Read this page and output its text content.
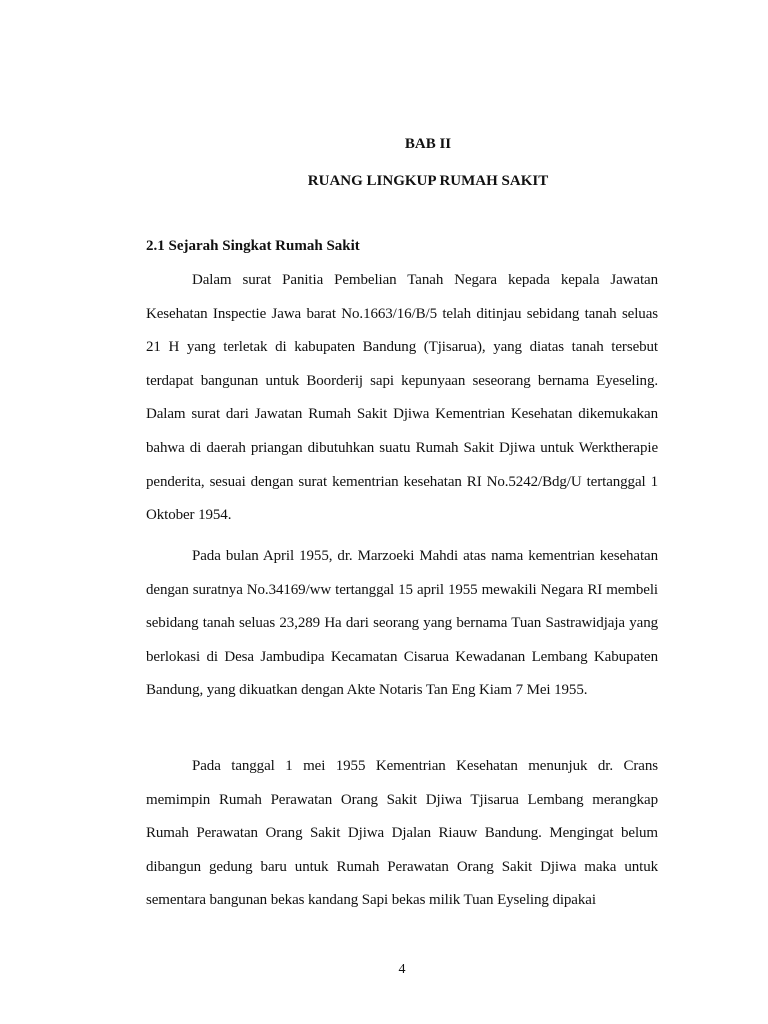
BAB II
RUANG LINGKUP RUMAH SAKIT
2.1 Sejarah Singkat Rumah Sakit

Dalam surat Panitia Pembelian Tanah Negara kepada kepala Jawatan Kesehatan Inspectie Jawa barat No.1663/16/B/5 telah ditinjau sebidang tanah seluas 21 H yang terletak di kabupaten Bandung (Tjisarua), yang diatas tanah tersebut terdapat bangunan untuk Boorderij sapi kepunyaan seseorang bernama Eyeseling. Dalam surat dari Jawatan Rumah Sakit Djiwa Kementrian Kesehatan dikemukakan bahwa di daerah priangan dibutuhkan suatu Rumah Sakit Djiwa untuk Werktherapie penderita, sesuai dengan surat kementrian kesehatan RI No.5242/Bdg/U tertanggal 1 Oktober 1954.

Pada bulan April 1955, dr. Marzoeki Mahdi atas nama kementrian kesehatan dengan suratnya No.34169/ww tertanggal 15 april 1955 mewakili Negara RI membeli sebidang tanah seluas 23,289 Ha dari seorang yang bernama Tuan Sastrawidjaja yang berlokasi di Desa Jambudipa Kecamatan Cisarua Kewadanan Lembang Kabupaten Bandung, yang dikuatkan dengan Akte Notaris Tan Eng Kiam 7 Mei 1955.

Pada tanggal 1 mei 1955 Kementrian Kesehatan menunjuk dr. Crans memimpin Rumah Perawatan Orang Sakit Djiwa Tjisarua Lembang merangkap Rumah Perawatan Orang Sakit Djiwa Djalan Riauw Bandung. Mengingat belum dibangun gedung baru untuk Rumah Perawatan Orang Sakit Djiwa maka untuk sementara bangunan bekas kandang Sapi bekas milik Tuan Eyseling dipakai

4
